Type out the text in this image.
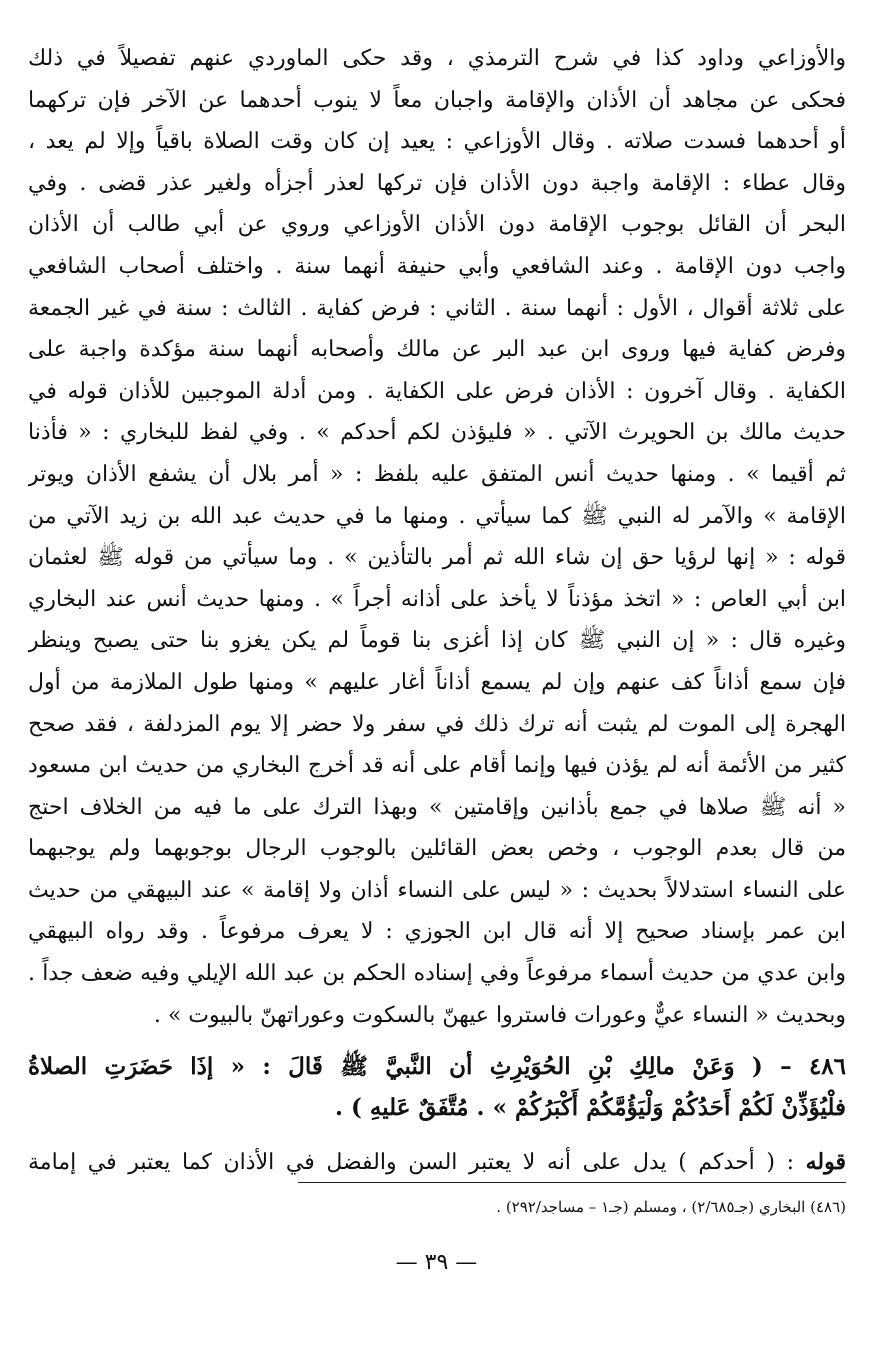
والأوزاعي وداود كذا في شرح الترمذي ، وقد حكى الماوردي عنهم تفصيلاً في ذلك
فحكى عن مجاهد أن الأذان والإقامة واجبان معاً لا ينوب أحدهما عن الآخر فإن تركهما
أو أحدهما فسدت صلاته . وقال الأوزاعي : يعيد إن كان وقت الصلاة باقياً وإلا لم يعد ،
وقال عطاء : الإقامة واجبة دون الأذان فإن تركها لعذر أجزأه ولغير عذر قضى . وفي
البحر أن القائل بوجوب الإقامة دون الأذان الأوزاعي وروي عن أبي طالب أن الأذان
واجب دون الإقامة . وعند الشافعي وأبي حنيفة أنهما سنة . واختلف أصحاب الشافعي
على ثلاثة أقوال ، الأول : أنهما سنة . الثاني : فرض كفاية . الثالث : سنة في غير الجمعة
وفرض كفاية فيها وروى ابن عبد البر عن مالك وأصحابه أنهما سنة مؤكدة واجبة على
الكفاية . وقال آخرون : الأذان فرض على الكفاية . ومن أدلة الموجبين للأذان قوله في
حديث مالك بن الحويرث الآتي . « فليؤذن لكم أحدكم » . وفي لفظ للبخاري : « فأذنا
ثم أقيما » . ومنها حديث أنس المتفق عليه بلفظ : « أمر بلال أن يشفع الأذان ويوتر
الإقامة » والآمر له النبي ﷺ كما سيأتي . ومنها ما في حديث عبد الله بن زيد الآتي من
قوله : « إنها لرؤيا حق إن شاء الله ثم أمر بالتأذين » . وما سيأتي من قوله ﷺ لعثمان
ابن أبي العاص : « اتخذ مؤذناً لا يأخذ على أذانه أجراً » . ومنها حديث أنس عند البخاري
وغيره قال : « إن النبي ﷺ كان إذا أغزى بنا قوماً لم يكن يغزو بنا حتى يصبح وينظر
فإن سمع أذاناً كف عنهم وإن لم يسمع أذاناً أغار عليهم » ومنها طول الملازمة من أول
الهجرة إلى الموت لم يثبت أنه ترك ذلك في سفر ولا حضر إلا يوم المزدلفة ، فقد صحح
كثير من الأئمة أنه لم يؤذن فيها وإنما أقام على أنه قد أخرج البخاري من حديث ابن مسعود
« أنه ﷺ صلاها في جمع بأذانين وإقامتين » وبهذا الترك على ما فيه من الخلاف احتج
من قال بعدم الوجوب ، وخص بعض القائلين بالوجوب الرجال بوجوبهما ولم يوجبهما
على النساء استدلالاً بحديث : « ليس على النساء أذان ولا إقامة » عند البيهقي من حديث
ابن عمر بإسناد صحيح إلا أنه قال ابن الجوزي : لا يعرف مرفوعاً . وقد رواه البيهقي
وابن عدي من حديث أسماء مرفوعاً وفي إسناده الحكم بن عبد الله الإيلي وفيه ضعف جداً .
وبحديث « النساء عيٌّ وعورات فاستروا عيهنّ بالسكوت وعوراتهنّ بالبيوت » .
٤٨٦ – ( وَعَنْ مالِكِ بْنِ الحُوَيْرِثِ أن النَّبيَّ ﷺ قَالَ : « إذَا حَضَرَتِ الصلاةُ
فلْيُؤَذِّنْ لَكُمْ أَحَدُكُمْ وَلْيَؤُمَّكُمْ أَكْبَرُكُمْ » . مُتَّفَقٌ عَليهِ ) .
قوله : ( أحدكم ) يدل على أنه لا يعتبر السن والفضل في الأذان كما يعتبر في إمامة
(٤٨٦) البخاري (جـ٢/٦٨٥) ، ومسلم (جـ١ – مساجد/٢٩٢) .
— ٣٩ —
